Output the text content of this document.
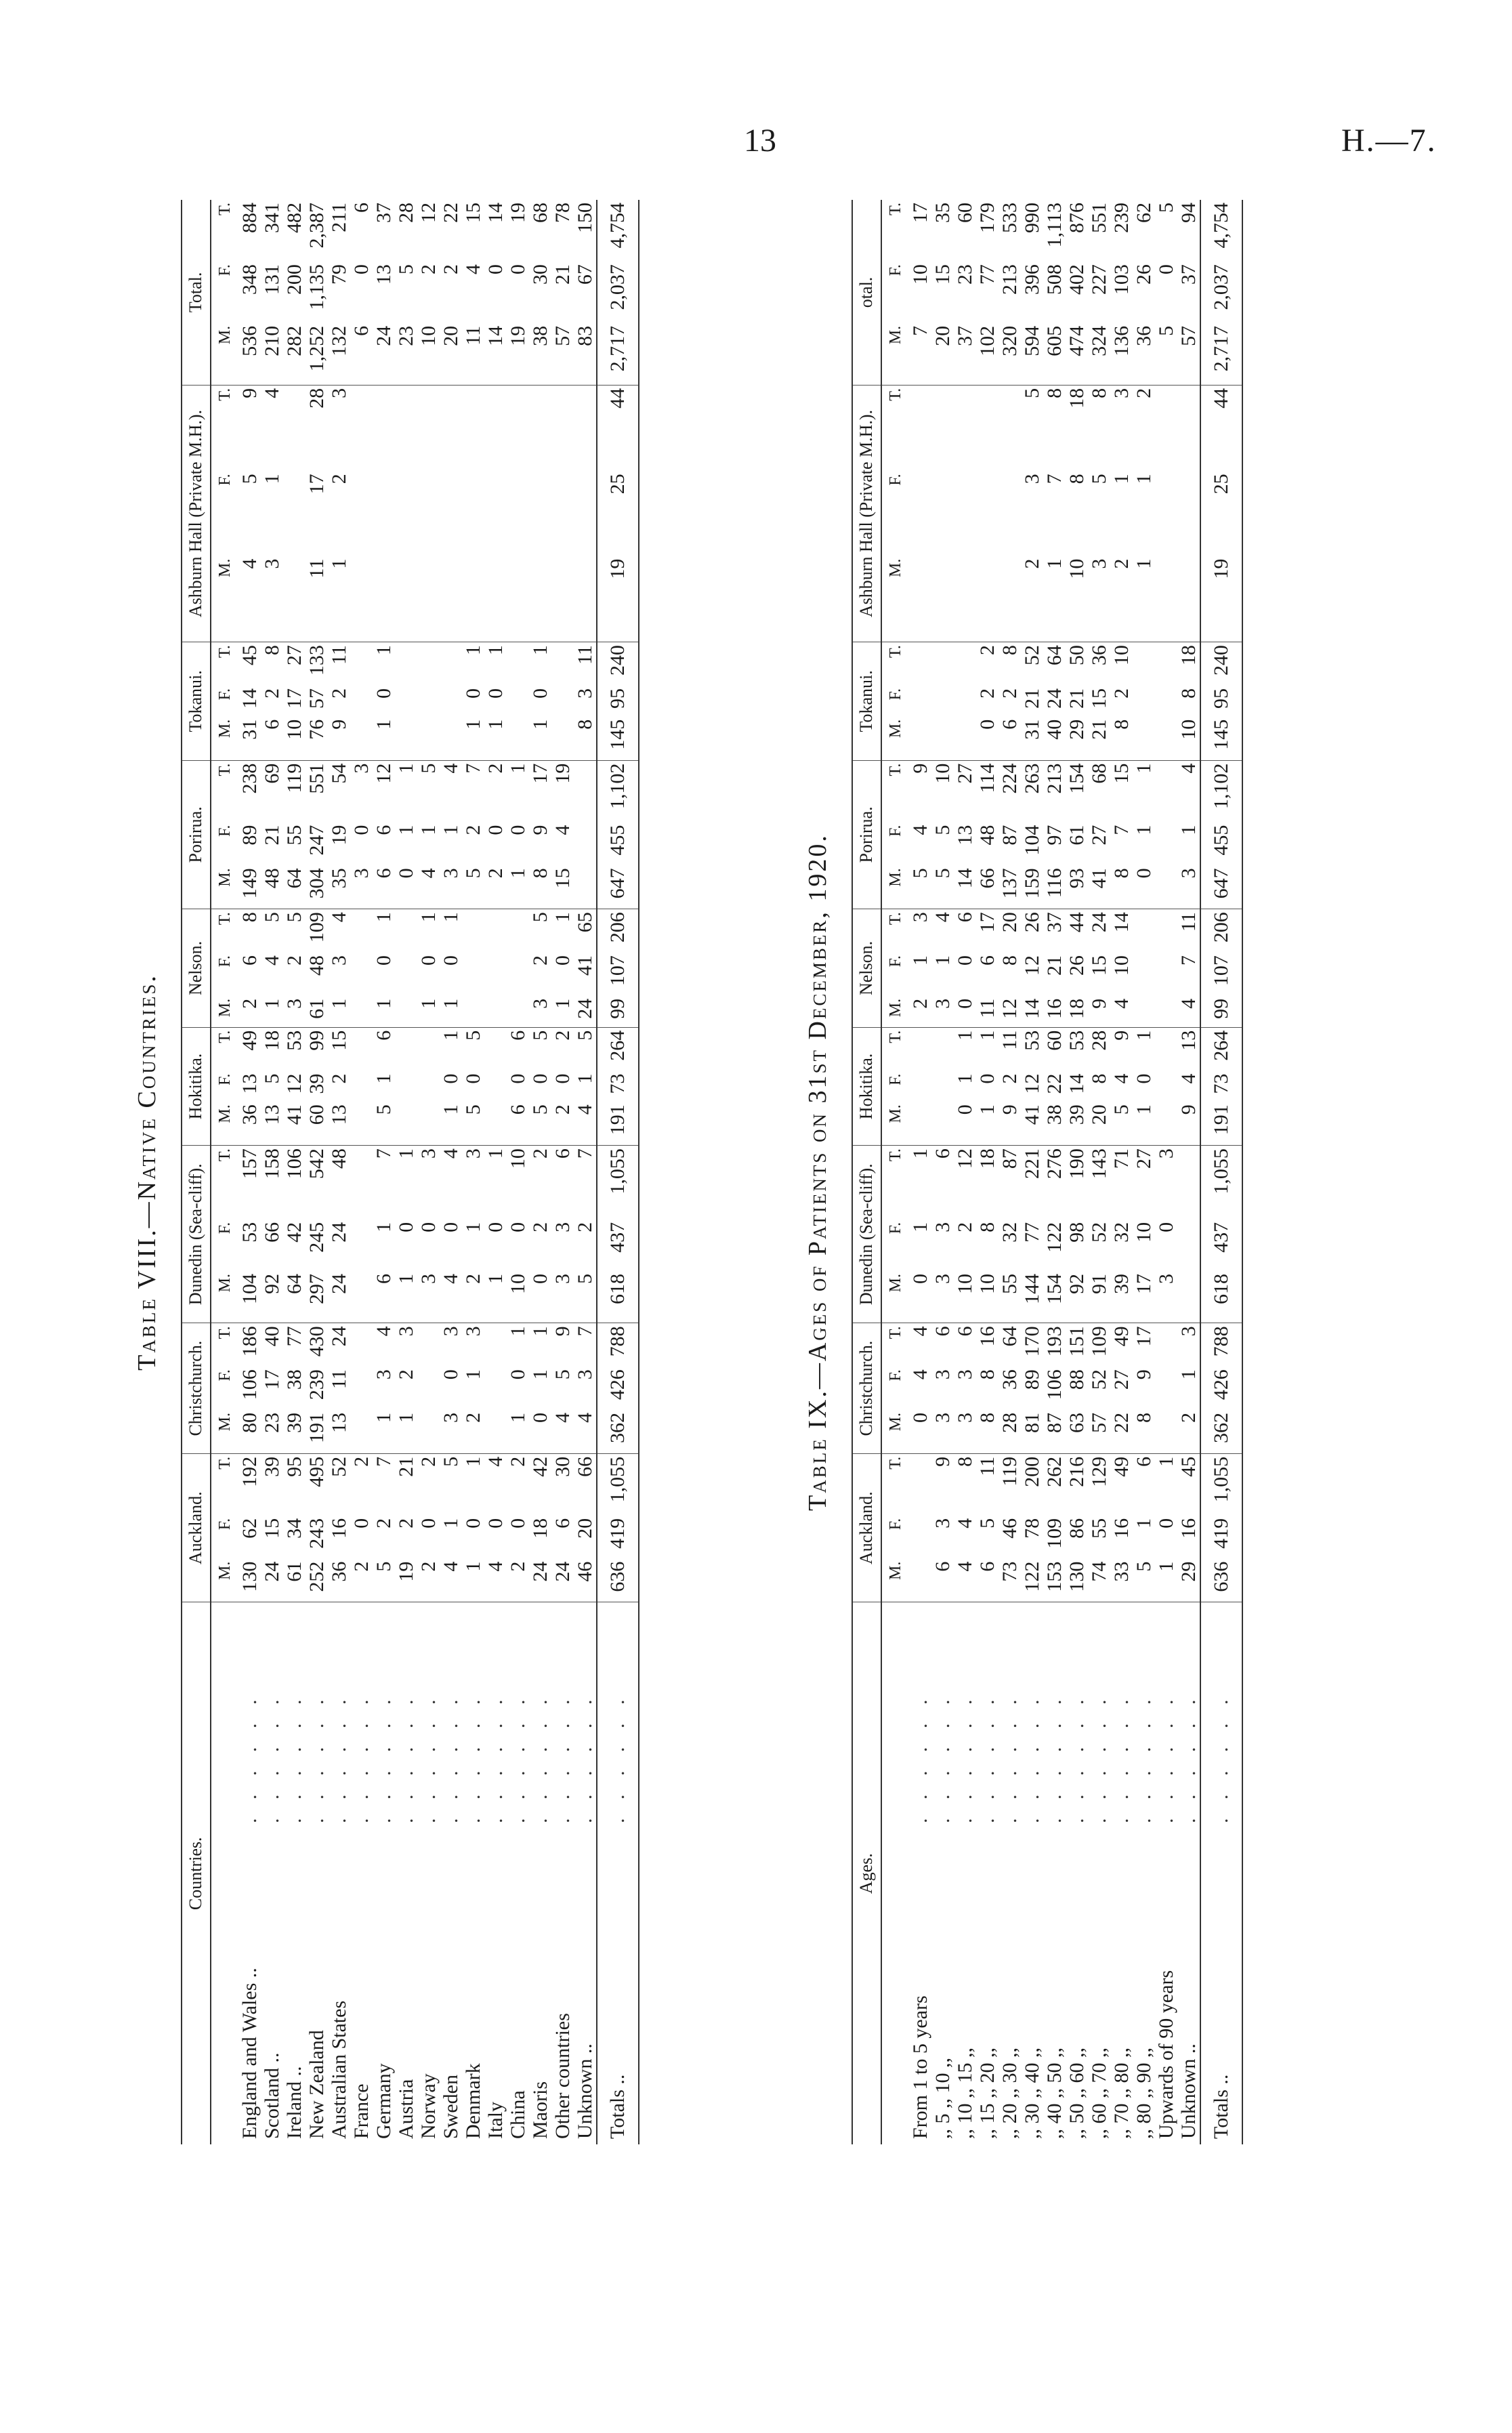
13	H.—7.
Table VIII.—Native Countries.
Countries.		Auckland.			Christchurch.			Dunedin (Sea-cliff).			Hokitika.			Nelson.			Porirua.			Tokanui.			Ashburn Hall (Private M.H.).			Total.		
		M.	F.	T.	M.	F.	T.	M.	F.	T.	M.	F.	T.	M.	F.	T.	M.	F.	T.	M.	F.	T.	M.	F.	T.	M.	F.	T.
England and Wales ..	. . . . . .	130	62	192	80	106	186	104	53	157	36	13	49	2	6	8	149	89	238	31	14	45	4	5	9	536	348	884
Scotland ..	. . . . . .	24	15	39	23	17	40	92	66	158	13	5	18	1	4	5	48	21	69	6	2	8	3	1	4	210	131	341
Ireland ..	. . . . . .	61	34	95	39	38	77	64	42	106	41	12	53	3	2	5	64	55	119	10	17	27				282	200	482
New Zealand	. . . . . .	252	243	495	191	239	430	297	245	542	60	39	99	61	48	109	304	247	551	76	57	133	11	17	28	1,252	1,135	2,387
Australian States	. . . . . .	36	16	52	13	11	24	24	24	48	13	2	15	1	3	4	35	19	54	9	2	11	1	2	3	132	79	211
France	. . . . . .	2	0	2													3	0	3							6	0	6
Germany	. . . . . .	5	2	7	1	3	4	6	1	7	5	1	6	1	0	1	6	6	12	1	0	1				24	13	37
Austria	. . . . . .	19	2	21	1	2	3	1	0	1							0	1	1							23	5	28
Norway	. . . . . .	2	0	2				3	0	3				1	0	1	4	1	5							10	2	12
Sweden	. . . . . .	4	1	5	3	0	3	4	0	4	1	0	1	1	0	1	3	1	4							20	2	22
Denmark	. . . . . .	1	0	1	2	1	3	2	1	3	5	0	5				5	2	7	1	0	1				11	4	15
Italy	. . . . . .	4	0	4				1	0	1							2	0	2	1	0	1				14	0	14
China	. . . . . .	2	0	2	1	0	1	10	0	10	6	0	6				1	0	1							19	0	19
Maoris	. . . . . .	24	18	42	0	1	1	0	2	2	5	0	5	3	2	5	8	9	17	1	0	1				38	30	68
Other countries	. . . . . .	24	6	30	4	5	9	3	3	6	2	0	2	1	0	1	15	4	19							57	21	78
Unknown ..	. . . . . .	46	20	66	4	3	7	5	2	7	4	1	5	24	41	65				8	3	11				83	67	150
Totals ..	. . . . . .	636	419	1,055	362	426	788	618	437	1,055	191	73	264	99	107	206	647	455	1,102	145	95	240	19	25	44	2,717	2,037	4,754
Table IX.—Ages of Patients on 31st December, 1920.
Ages.		Auckland.			Christchurch.			Dunedin (Sea-cliff).			Hokitika.			Nelson.			Porirua.			Tokanui.			Ashburn Hall (Private M.H.).			otal.		
		M.	F.	T.	M.	F.	T.	M.	F.	T.	M.	F.	T.	M.	F.	T.	M.	F.	T.	M.	F.	T.	M.	F.	T.	M.	F.	T.
From 1 to 5 years	. . . . . .				0	4	4	0	1	1				2	1	3	5	4	9							7	10	17
,, 5 ,, 10 ,,	. . . . . .	6	3	9	3	3	6	3	3	6				3	1	4	5	5	10							20	15	35
,, 10 ,, 15 ,,	. . . . . .	4	4	8	3	3	6	10	2	12	0	1	1	0	0	6	14	13	27							37	23	60
,, 15 ,, 20 ,,	. . . . . .	6	5	11	8	8	16	10	8	18	1	0	1	11	6	17	66	48	114	0	2	2				102	77	179
,, 20 ,, 30 ,,	. . . . . .	73	46	119	28	36	64	55	32	87	9	2	11	12	8	20	137	87	224	6	2	8				320	213	533
,, 30 ,, 40 ,,	. . . . . .	122	78	200	81	89	170	144	77	221	41	12	53	14	12	26	159	104	263	31	21	52	2	3	5	594	396	990
,, 40 ,, 50 ,,	. . . . . .	153	109	262	87	106	193	154	122	276	38	22	60	16	21	37	116	97	213	40	24	64	1	7	8	605	508	1,113
,, 50 ,, 60 ,,	. . . . . .	130	86	216	63	88	151	92	98	190	39	14	53	18	26	44	93	61	154	29	21	50	10	8	18	474	402	876
,, 60 ,, 70 ,,	. . . . . .	74	55	129	57	52	109	91	52	143	20	8	28	9	15	24	41	27	68	21	15	36	3	5	8	324	227	551
,, 70 ,, 80 ,,	. . . . . .	33	16	49	22	27	49	39	32	71	5	4	9	4	10	14	8	7	15	8	2	10	2	1	3	136	103	239
,, 80 ,, 90 ,,	. . . . . .	5	1	6	8	9	17	17	10	27	1	0	1				0	1	1				1	1	2	36	26	62
Upwards of 90 years	. . . . . .	1	0	1				3	0	3																5	0	5
Unknown ..	. . . . . .	29	16	45	2	1	3				9	4	13	4	7	11	3	1	4	10	8	18				57	37	94
Totals ..	. . . . . .	636	419	1,055	362	426	788	618	437	1,055	191	73	264	99	107	206	647	455	1,102	145	95	240	19	25	44	2,717	2,037	4,754
